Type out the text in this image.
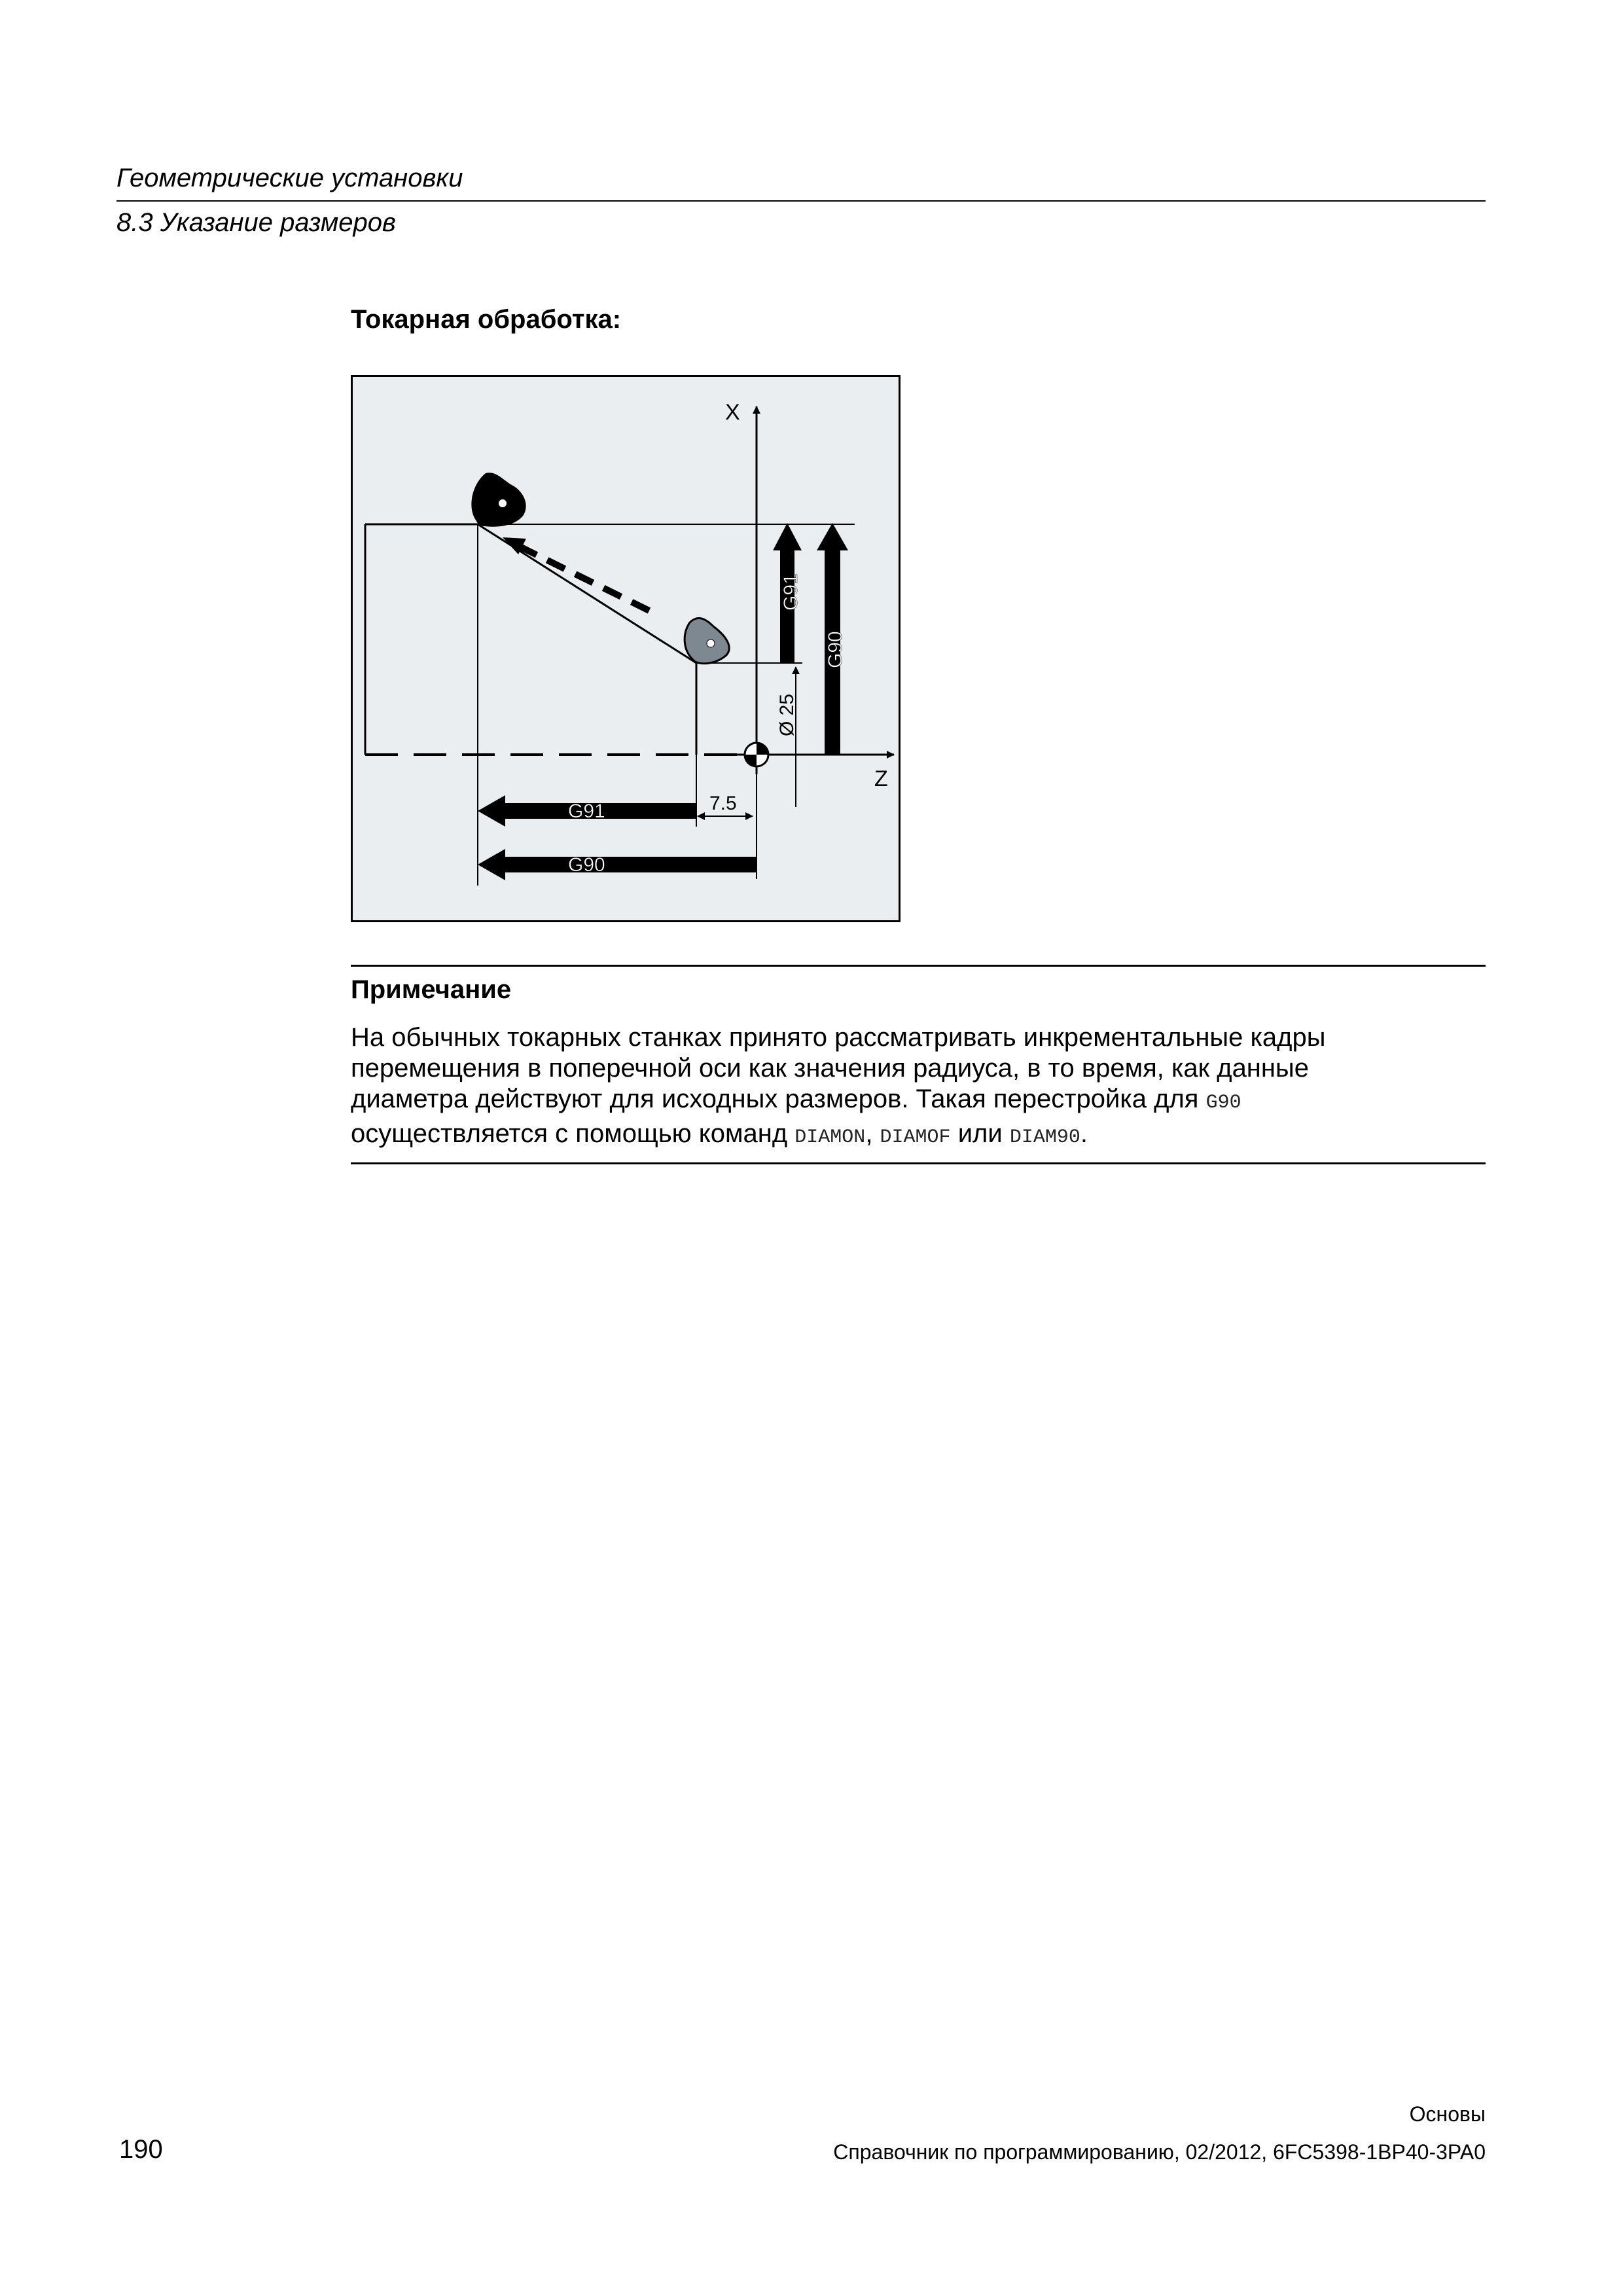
Геометрические установки
8.3 Указание размеров
Токарная обработка:
X
Z
Ø 25
G91
G90
G91	7.5
G90
Примечание
На обычных токарных станках принято рассматривать инкрементальные кадры
перемещения в поперечной оси как значения радиуса, в то время, как данные
диаметра действуют для исходных размеров. Такая перестройка для G90
осуществляется с помощью команд DIAMON, DIAMOF или DIAM90.
190
Основы
Справочник по программированию, 02/2012, 6FC5398-1BP40-3PA0
